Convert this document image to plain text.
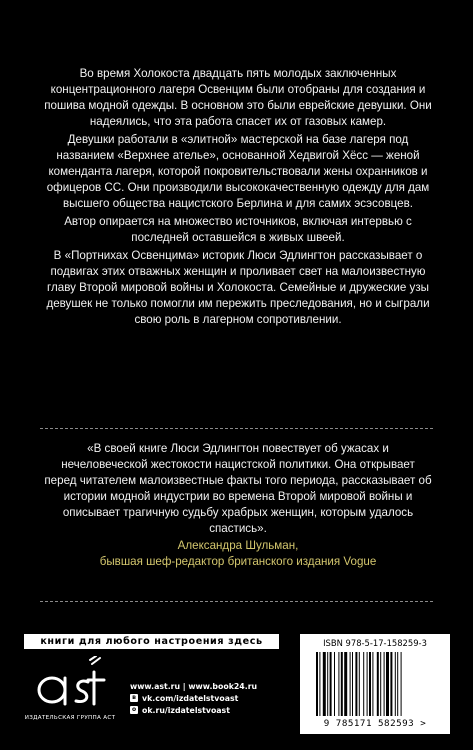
Во время Холокоста двадцать пять молодых заключенных концентрационного лагеря Освенцим были отобраны для создания и пошива модной одежды. В основном это были еврейские девушки. Они надеялись, что эта работа спасет их от газовых камер.

Девушки работали в «элитной» мастерской на базе лагеря под названием «Верхнее ателье», основанной Хедвигой Хёсс — женой коменданта лагеря, которой покровительствовали жены охранников и офицеров СС. Они производили высококачественную одежду для дам высшего общества нацистского Берлина и для самих эсэсовцев.

Автор опирается на множество источников, включая интервью с последней оставшейся в живых швеей.

В «Портнихах Освенцима» историк Люси Эдлингтон рассказывает о подвигах этих отважных женщин и проливает свет на малоизвестную главу Второй мировой войны и Холокоста. Семейные и дружеские узы девушек не только помогли им пережить преследования, но и сыграли свою роль в лагерном сопротивлении.

«В своей книге Люси Эдлингтон повествует об ужасах и нечеловеческой жестокости нацистской политики. Она открывает перед читателем малоизвестные факты того периода, рассказывает об истории модной индустрии во времена Второй мировой войны и описывает трагичную судьбу храбрых женщин, которым удалось спастись».

Александра Шульман,
бывшая шеф-редактор британского издания Vogue
книги для любого настроения здесь
ИЗДАТЕЛЬСКАЯ ГРУППА АСТ
www.ast.ru | www.book24.ru
в vk.com/izdatelstvoast
о ok.ru/izdatelstvoast
ISBN 978-5-17-158259-3
9 785171 582593 >
